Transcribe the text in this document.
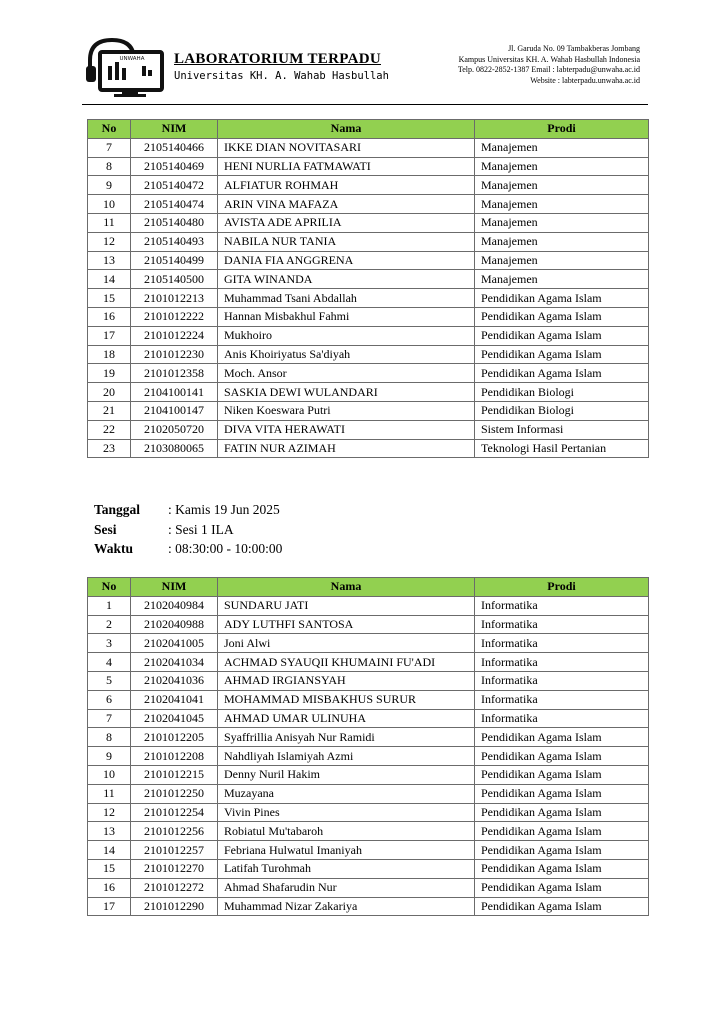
UNWAHA LABORATORIUM TERPADU
Universitas KH. A. Wahab Hasbullah
Jl. Garuda No. 09 Tambakberas Jombang
Kampus Universitas KH. A. Wahab Hasbullah Indonesia
Telp. 0822-2852-1387 Email : labterpadu@unwaha.ac.id
Website : labterpadu.unwaha.ac.id
No	NIM	Nama	Prodi
7	2105140466	IKKE DIAN NOVITASARI	Manajemen
8	2105140469	HENI NURLIA FATMAWATI	Manajemen
9	2105140472	ALFIATUR ROHMAH	Manajemen
10	2105140474	ARIN VINA MAFAZA	Manajemen
11	2105140480	AVISTA ADE APRILIA	Manajemen
12	2105140493	NABILA NUR TANIA	Manajemen
13	2105140499	DANIA FIA ANGGRENA	Manajemen
14	2105140500	GITA WINANDA	Manajemen
15	2101012213	Muhammad Tsani Abdallah	Pendidikan Agama Islam
16	2101012222	Hannan Misbakhul Fahmi	Pendidikan Agama Islam
17	2101012224	Mukhoiro	Pendidikan Agama Islam
18	2101012230	Anis Khoiriyatus Sa'diyah	Pendidikan Agama Islam
19	2101012358	Moch. Ansor	Pendidikan Agama Islam
20	2104100141	SASKIA DEWI WULANDARI	Pendidikan Biologi
21	2104100147	Niken Koeswara Putri	Pendidikan Biologi
22	2102050720	DIVA VITA HERAWATI	Sistem Informasi
23	2103080065	FATIN NUR AZIMAH	Teknologi Hasil Pertanian
Tanggal	: Kamis 19 Jun 2025
Sesi	: Sesi 1 ILA
Waktu	: 08:30:00 - 10:00:00
No	NIM	Nama	Prodi
1	2102040984	SUNDARU JATI	Informatika
2	2102040988	ADY LUTHFI SANTOSA	Informatika
3	2102041005	Joni Alwi	Informatika
4	2102041034	ACHMAD SYAUQII KHUMAINI FU'ADI	Informatika
5	2102041036	AHMAD IRGIANSYAH	Informatika
6	2102041041	MOHAMMAD MISBAKHUS SURUR	Informatika
7	2102041045	AHMAD UMAR ULINUHA	Informatika
8	2101012205	Syaffrillia Anisyah Nur Ramidi	Pendidikan Agama Islam
9	2101012208	Nahdliyah Islamiyah Azmi	Pendidikan Agama Islam
10	2101012215	Denny Nuril Hakim	Pendidikan Agama Islam
11	2101012250	Muzayana	Pendidikan Agama Islam
12	2101012254	Vivin Pines	Pendidikan Agama Islam
13	2101012256	Robiatul Mu'tabaroh	Pendidikan Agama Islam
14	2101012257	Febriana Hulwatul Imaniyah	Pendidikan Agama Islam
15	2101012270	Latifah Turohmah	Pendidikan Agama Islam
16	2101012272	Ahmad Shafarudin Nur	Pendidikan Agama Islam
17	2101012290	Muhammad Nizar Zakariya	Pendidikan Agama Islam
